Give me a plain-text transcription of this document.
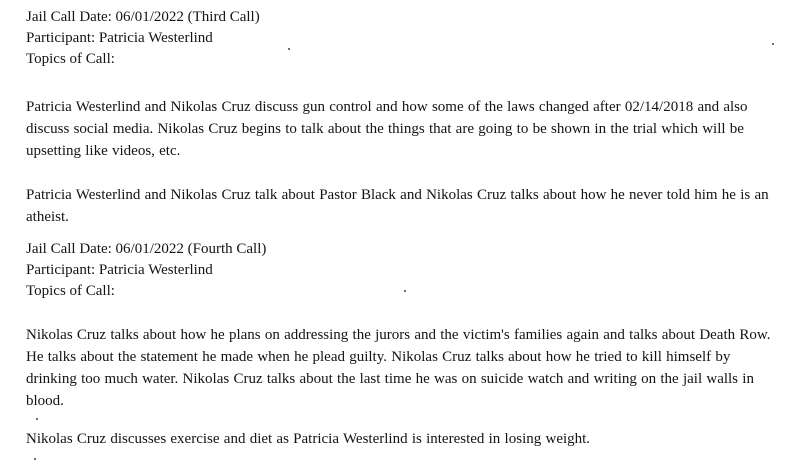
Jail Call Date: 06/01/2022 (Third Call)
Participant: Patricia Westerlind
Topics of Call:

Patricia Westerlind and Nikolas Cruz discuss gun control and how some of the laws changed after 02/14/2018 and also discuss social media. Nikolas Cruz begins to talk about the things that are going to be shown in the trial which will be upsetting like videos, etc.

Patricia Westerlind and Nikolas Cruz talk about Pastor Black and Nikolas Cruz talks about how he never told him he is an atheist.

Jail Call Date: 06/01/2022 (Fourth Call)
Participant: Patricia Westerlind
Topics of Call:

Nikolas Cruz talks about how he plans on addressing the jurors and the victim's families again and talks about Death Row. He talks about the statement he made when he plead guilty. Nikolas Cruz talks about how he tried to kill himself by drinking too much water. Nikolas Cruz talks about the last time he was on suicide watch and writing on the jail walls in blood.

Nikolas Cruz discusses exercise and diet as Patricia Westerlind is interested in losing weight.
